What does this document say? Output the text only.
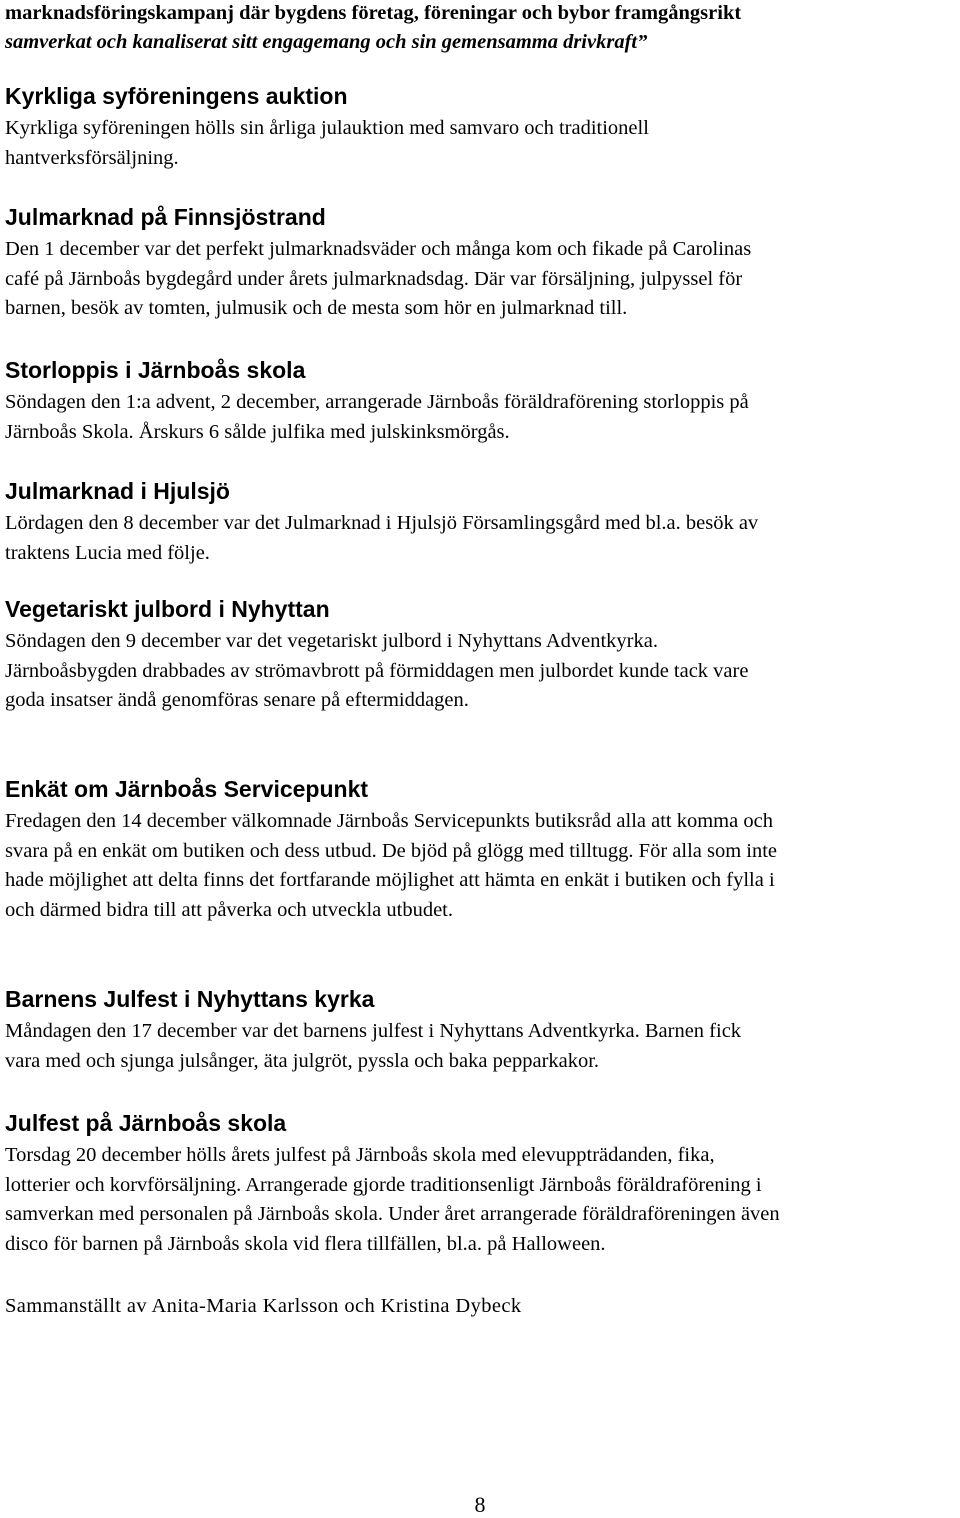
marknadsföringskampanj där bygdens företag, föreningar och bybor framgångsrikt

samverkat och kanaliserat sitt engagemang och sin gemensamma drivkraft”

Kyrkliga syföreningens auktion

Kyrkliga syföreningen hölls sin årliga julauktion med samvaro och traditionell

hantverksförsäljning.

Julmarknad på Finnsjöstrand

Den 1 december var det perfekt julmarknadsväder och många kom och fikade på Carolinas

café på Järnboås bygdegård under årets julmarknadsdag. Där var försäljning, julpyssel för

barnen, besök av tomten, julmusik och de mesta som hör en julmarknad till.

Storloppis i Järnboås skola

Söndagen den 1:a advent, 2 december, arrangerade Järnboås föräldraförening storloppis på

Järnboås Skola. Årskurs 6 sålde julfika med julskinksmörgås.

Julmarknad i Hjulsjö

Lördagen den 8 december var det Julmarknad i Hjulsjö Församlingsgård med bl.a. besök av

traktens Lucia med följe.

Vegetariskt julbord i Nyhyttan

Söndagen den 9 december var det vegetariskt julbord i Nyhyttans Adventkyrka.

Järnboåsbygden drabbades av strömavbrott på förmiddagen men julbordet kunde tack vare

goda insatser ändå genomföras senare på eftermiddagen.

Enkät om Järnboås Servicepunkt

Fredagen den 14 december välkomnade Järnboås Servicepunkts butiksråd alla att komma och

svara på en enkät om butiken och dess utbud. De bjöd på glögg med tilltugg. För alla som inte

hade möjlighet att delta finns det fortfarande möjlighet att hämta en enkät i butiken och fylla i

och därmed bidra till att påverka och utveckla utbudet.

Barnens Julfest i Nyhyttans kyrka

Måndagen den 17 december var det barnens julfest i Nyhyttans Adventkyrka. Barnen fick

vara med och sjunga julsånger, äta julgröt, pyssla och baka pepparkakor.

Julfest på Järnboås skola

Torsdag 20 december hölls årets julfest på Järnboås skola med elevuppträdanden, fika,

lotterier och korvförsäljning. Arrangerade gjorde traditionsenligt Järnboås föräldraförening i

samverkan med personalen på Järnboås skola. Under året arrangerade föräldraföreningen även

disco för barnen på Järnboås skola vid flera tillfällen, bl.a. på Halloween.

Sammanställt av Anita-Maria Karlsson och Kristina Dybeck

8
